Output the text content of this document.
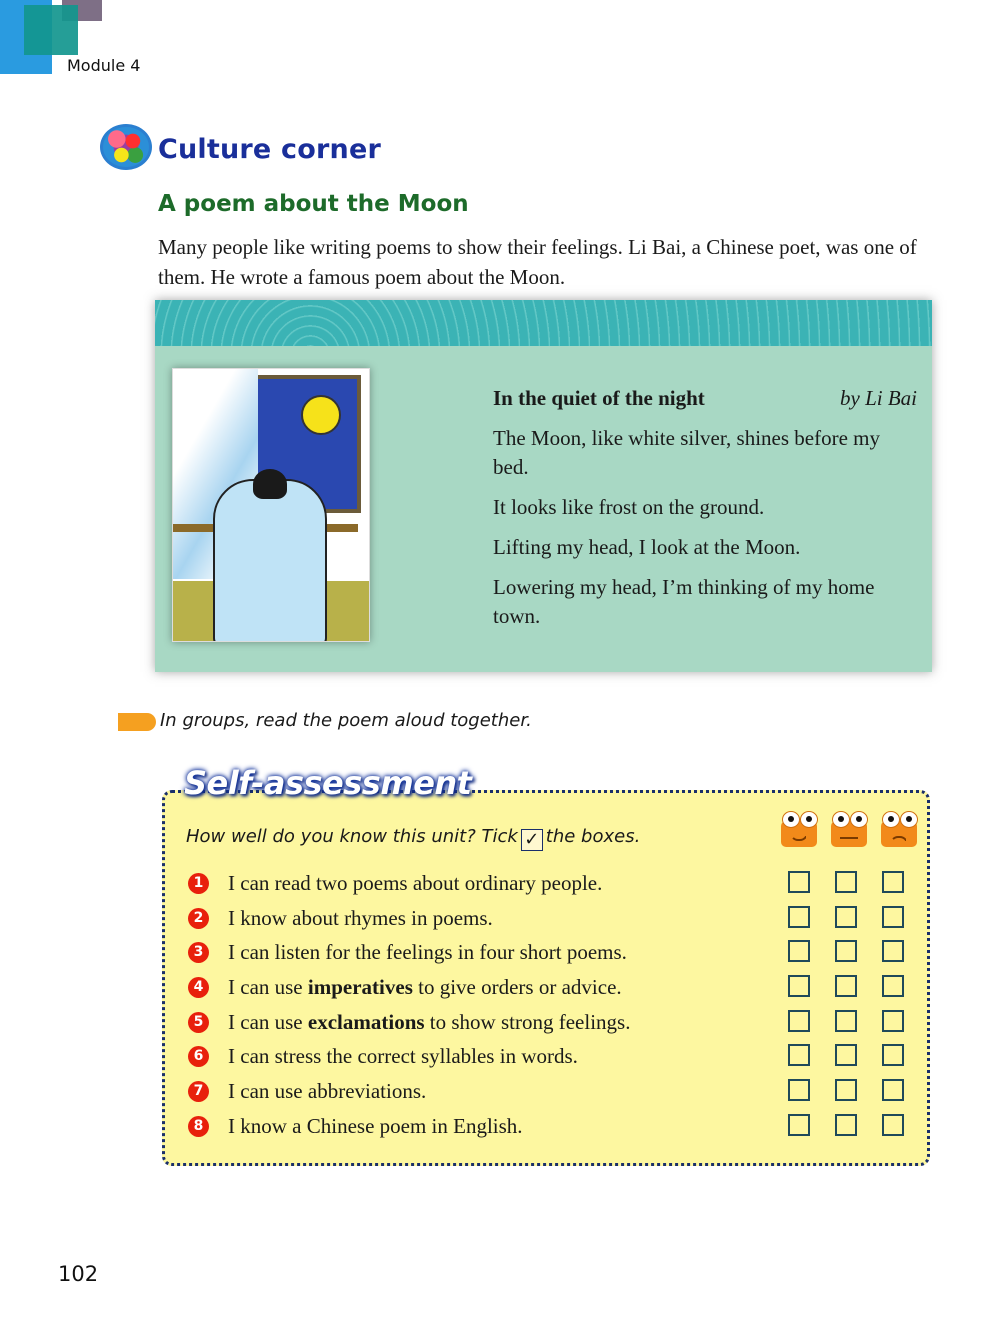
Module 4
Culture corner
A poem about the Moon
Many people like writing poems to show their feelings. Li Bai, a Chinese poet, was one of them. He wrote a famous poem about the Moon.
In the quiet of the night	by Li Bai
The Moon, like white silver, shines before my bed.
It looks like frost on the ground.
Lifting my head, I look at the Moon.
Lowering my head, I’m thinking of my home town.
In groups, read the poem aloud together.
Self-assessment
How well do you know this unit? Tick ✓ the boxes.
1 I can read two poems about ordinary people.
2 I know about rhymes in poems.
3 I can listen for the feelings in four short poems.
4 I can use imperatives to give orders or advice.
5 I can use exclamations to show strong feelings.
6 I can stress the correct syllables in words.
7 I can use abbreviations.
8 I know a Chinese poem in English.
102
